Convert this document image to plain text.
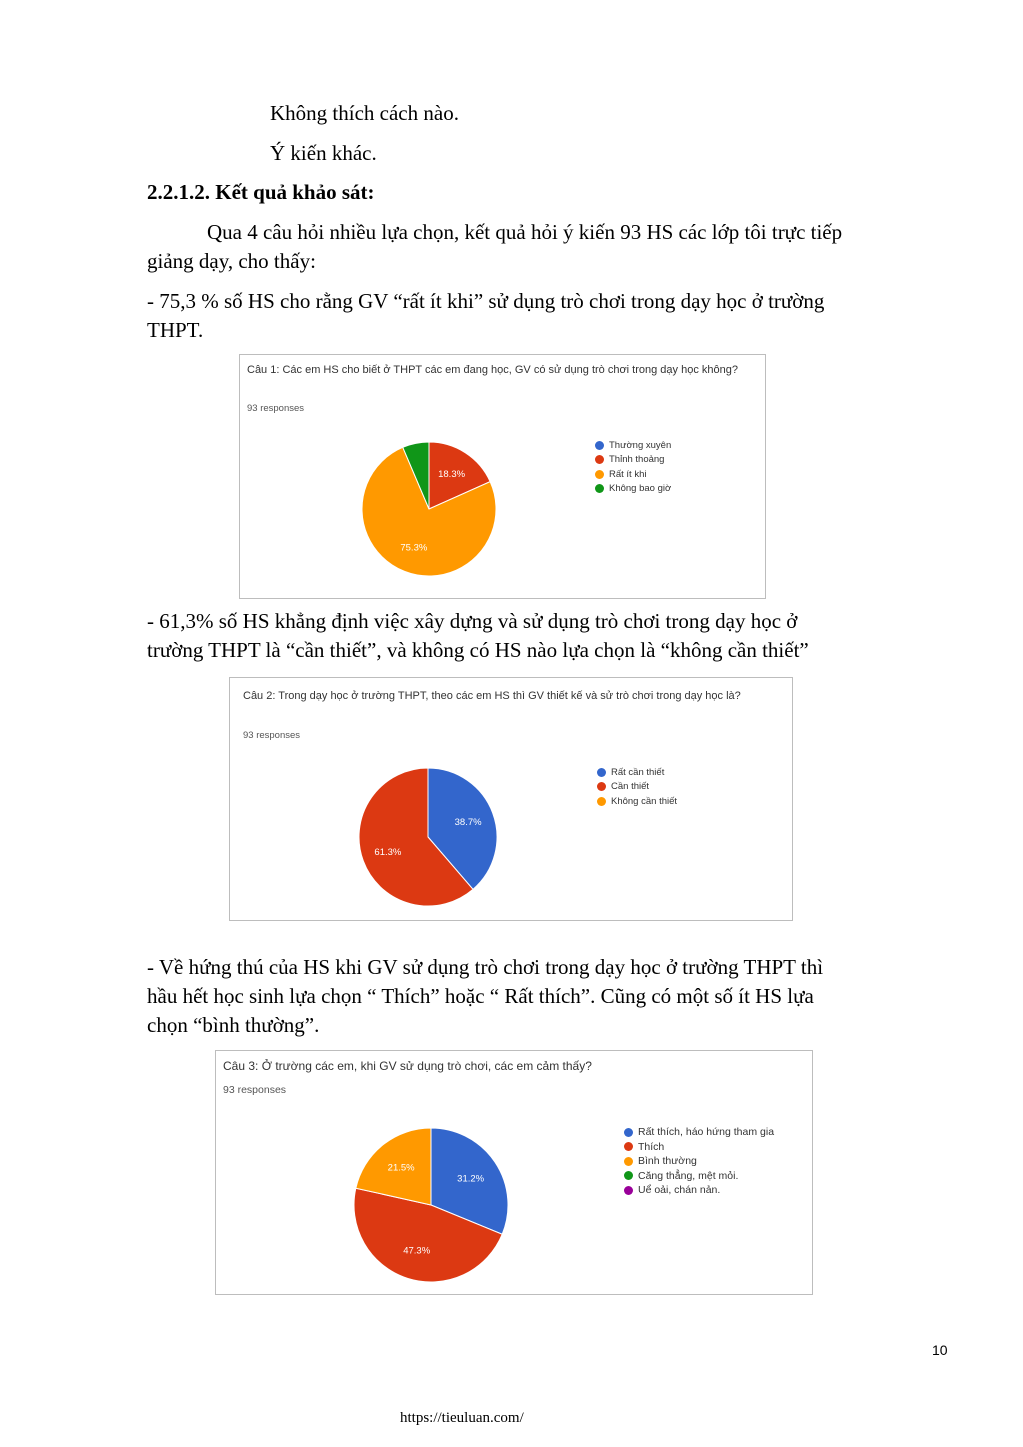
Không thích cách nào.
Ý kiến khác.
2.2.1.2. Kết quả khảo sát:
Qua 4 câu hỏi nhiều lựa chọn, kết quả hỏi ý kiến 93 HS các lớp tôi trực tiếp
giảng dạy, cho thấy:
- 75,3 % số HS cho rằng GV “rất ít khi” sử dụng trò chơi trong dạy học ở trường
THPT.
Câu 1: Các em HS cho biết ở THPT các em đang học, GV có sử dụng trò chơi trong dạy học không?
93 responses
18.3%
75.3%
Thường xuyên
Thỉnh thoảng
Rất ít khi
Không bao giờ
- 61,3% số HS khẳng định việc xây dựng và sử dụng trò chơi trong dạy học ở
trường THPT là “cần thiết”, và không có HS nào lựa chọn là “không cần thiết”
Câu 2: Trong dạy học ở trường THPT, theo các em HS thì GV thiết kế và sử trò chơi trong dạy học là?
93 responses
38.7%
61.3%
Rất cần thiết
Cần thiết
Không cần thiết
- Về hứng thú của HS khi GV sử dụng trò chơi trong dạy học ở trường THPT thì
hầu hết học sinh lựa chọn “ Thích” hoặc “ Rất thích”. Cũng có một số ít HS lựa
chọn “bình thường”.
Câu 3: Ở trường các em, khi GV sử dụng trò chơi, các em cảm thấy?
93 responses
31.2%
47.3%
21.5%
Rất thích, háo hứng tham gia
Thích
Bình thường
Căng thẳng, mệt mỏi.
Uể oải, chán nản.
10
https://tieuluan.com/
